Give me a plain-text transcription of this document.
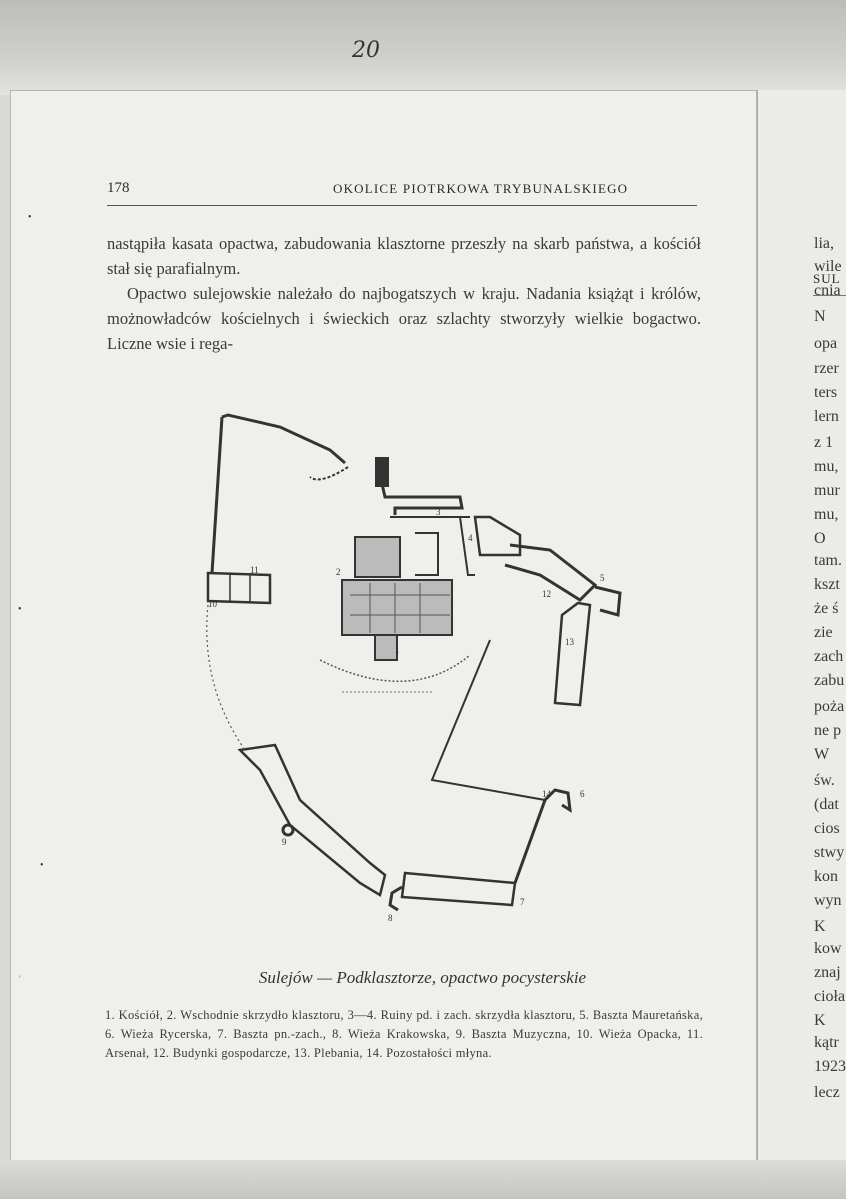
20
SUL
lia,
wile
cnia
N
opa
rzer
ters
lern
z 1
mu,
mur
mu,
O
tam.
kszt
że ś
zie
zach
zabu
poża
ne p
W
św.
(dat
cios
stwy
kon
wyn
K
kow
znaj
cioła
K
kątr
1923
lecz
178	OKOLICE PIOTRKOWA TRYBUNALSKIEGO

nastąpiła kasata opactwa, zabudowania klasztorne przeszły na skarb państwa, a kościół stał się parafialnym.

Opactwo sulejowskie należało do najbogatszych w kraju. Nadania książąt i królów, możnowładców kościelnych i świeckich oraz szlachty stworzyły wielkie bogactwo. Liczne wsie i rega-

1
2
3
4
5
6
7
8
9
10
11
12
13
14
Sulejów — Podklasztorze, opactwo pocysterskie
1. Kościół, 2. Wschodnie skrzydło klasztoru, 3—4. Ruiny pd. i zach. skrzydła klasztoru, 5. Baszta Mauretańska, 6. Wieża Rycerska, 7. Baszta pn.-zach., 8. Wieża Krakowska, 9. Baszta Muzyczna, 10. Wieża Opacka, 11. Arsenał, 12. Budynki gospodarcze, 13. Plebania, 14. Pozostałości młyna.
•
•
•
ʾ
